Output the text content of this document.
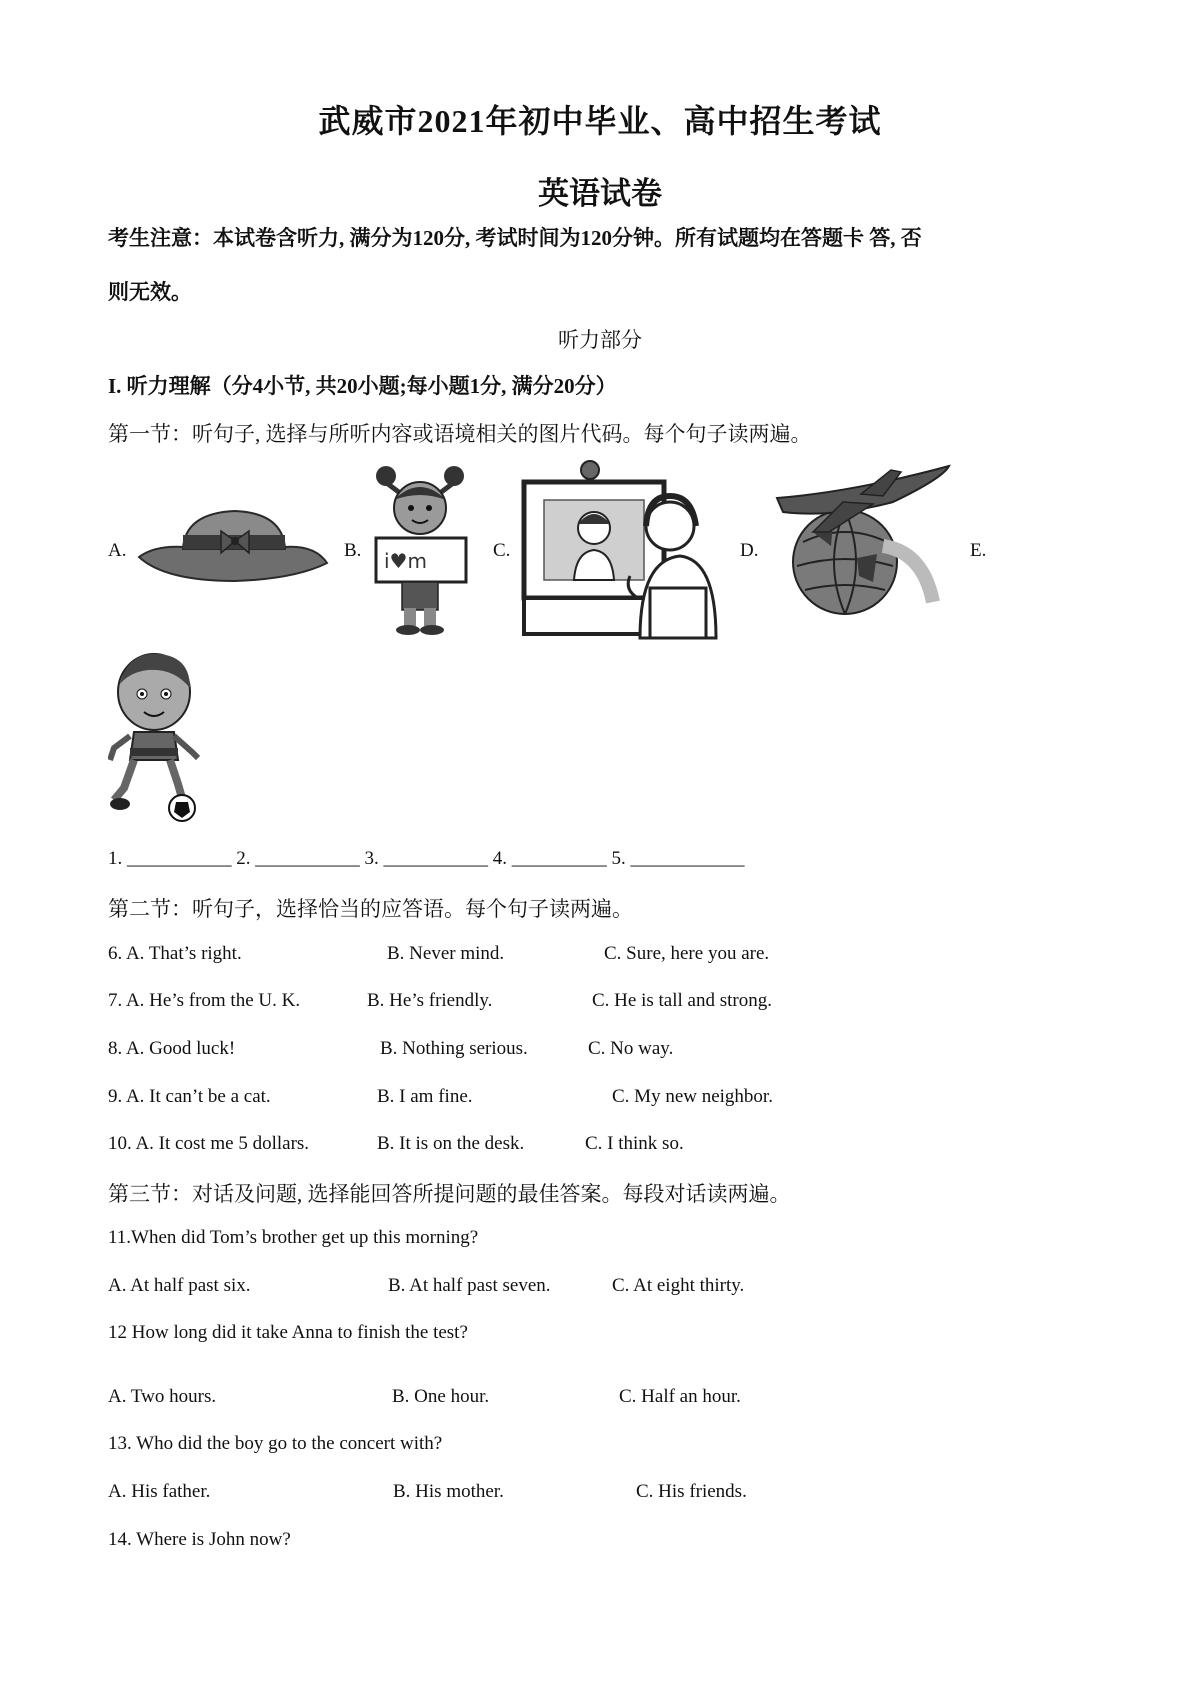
武威市2021年初中毕业、高中招生考试
英语试卷
考生注意：本试卷含听力, 满分为120分, 考试时间为120分钟。所有试题均在答题卡 答, 否
则无效。
听力部分
I. 听力理解（分4小节, 共20小题;每小题1分, 满分20分）
第一节：听句子, 选择与所听内容或语境相关的图片代码。每个句子读两遍。
A.	B.	C.	D.	E.
i♥m
1. ___________ 2. ___________ 3. ___________ 4. __________ 5. ____________
第二节：听句子，选择恰当的应答语。每个句子读两遍。
6. A. That’s right.	B. Never mind.	C. Sure, here you are.
7. A. He’s from the U. K.	B. He’s friendly.	C. He is tall and strong.
8. A. Good luck!	B. Nothing serious.	C. No way.
9. A. It can’t be a cat.	B. I am fine.	C. My new neighbor.
10. A. It cost me 5 dollars.	B. It is on the desk.	C. I think so.
第三节：对话及问题, 选择能回答所提问题的最佳答案。每段对话读两遍。
11.When did Tom’s brother get up this morning?
A. At half past six.	B. At half past seven.	C. At eight thirty.
12 How long did it take Anna to finish the test?
A. Two hours.	B. One hour.	C. Half an hour.
13. Who did the boy go to the concert with?
A. His father.	B. His mother.	C. His friends.
14. Where is John now?
